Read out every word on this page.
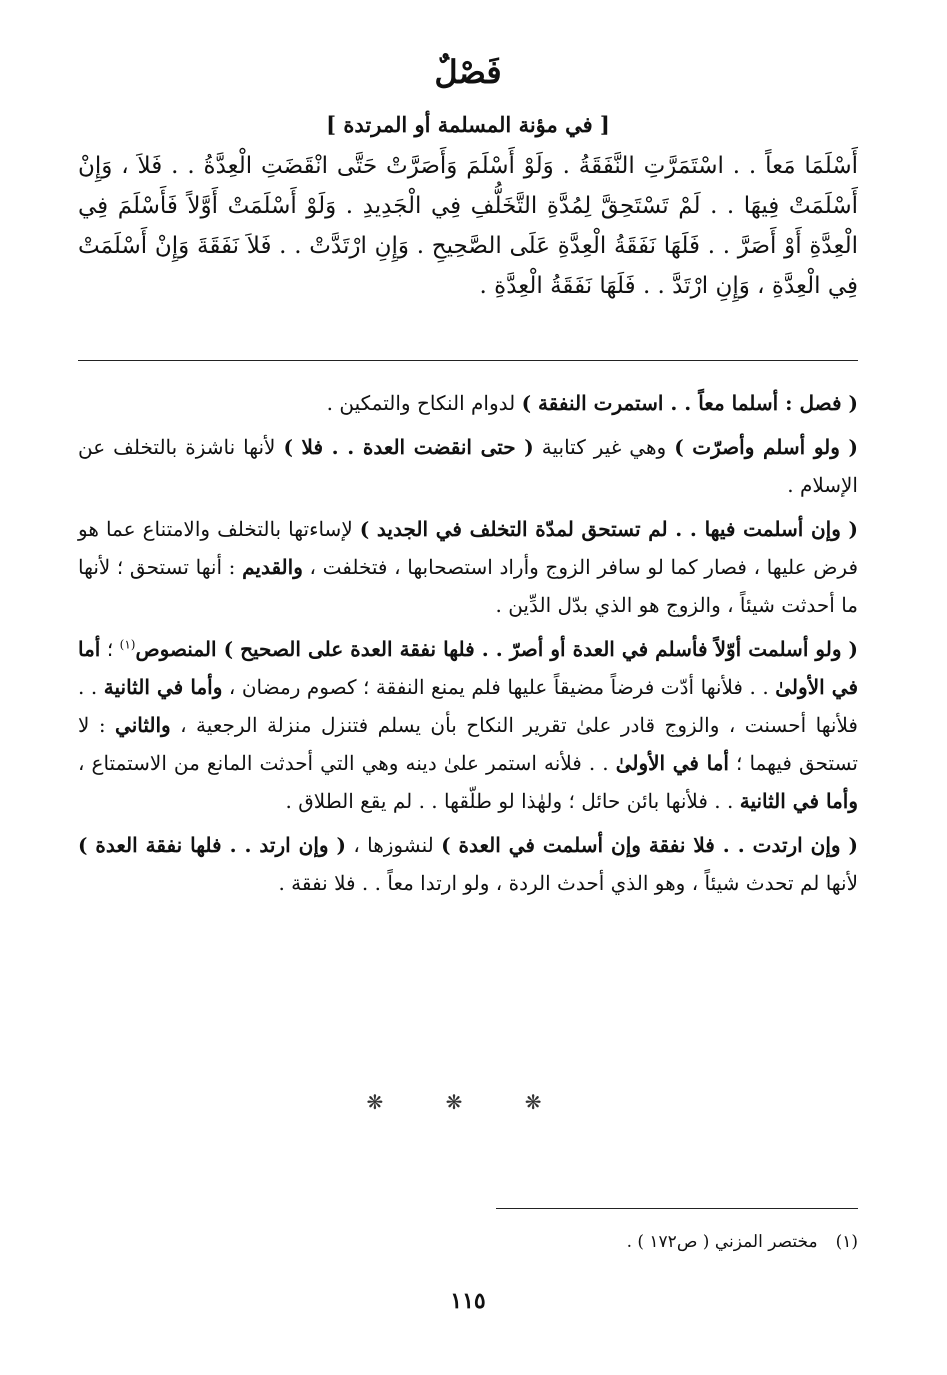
فَصْلٌ
[ في مؤنة المسلمة أو المرتدة ]

أَسْلَمَا مَعاً . . اسْتَمَرَّتِ النَّفَقَةُ . وَلَوْ أَسْلَمَ وَأَصَرَّتْ حَتَّى انْقَضَتِ الْعِدَّةُ . . فَلاَ ، وَإِنْ أَسْلَمَتْ فِيهَا . . لَمْ تَسْتَحِقَّ لِمُدَّةِ التَّخَلُّفِ فِي الْجَدِيدِ . وَلَوْ أَسْلَمَتْ أَوَّلاً فَأَسْلَمَ فِي الْعِدَّةِ أَوْ أَصَرَّ . . فَلَهَا نَفَقَةُ الْعِدَّةِ عَلَى الصَّحِيحِ . وَإِنِ ارْتَدَّتْ . . فَلاَ نَفَقَةَ وَإِنْ أَسْلَمَتْ فِي الْعِدَّةِ ، وَإِنِ ارْتَدَّ . . فَلَهَا نَفَقَةُ الْعِدَّةِ .

( فصل : أسلما معاً . . استمرت النفقة ) لدوام النكاح والتمكين .

( ولو أسلم وأصرّت ) وهي غير كتابية ( حتى انقضت العدة . . فلا ) لأنها ناشزة بالتخلف عن الإسلام .

( وإن أسلمت فيها . . لم تستحق لمدّة التخلف في الجديد ) لإساءتها بالتخلف والامتناع عما هو فرض عليها ، فصار كما لو سافر الزوج وأراد استصحابها ، فتخلفت ، والقديم : أنها تستحق ؛ لأنها ما أحدثت شيئاً ، والزوج هو الذي بدّل الدِّين .

( ولو أسلمت أوّلاً فأسلم في العدة أو أصرّ . . فلها نفقة العدة على الصحيح ) المنصوص$^{(١)}$ ؛ أما في الأولىٰ . . فلأنها أدّت فرضاً مضيقاً عليها فلم يمنع النفقة ؛ كصوم رمضان ، وأما في الثانية . . فلأنها أحسنت ، والزوج قادر علىٰ تقرير النكاح بأن يسلم فتنزل منزلة الرجعية ، والثاني : لا تستحق فيهما ؛ أما في الأولىٰ . . فلأنه استمر علىٰ دينه وهي التي أحدثت المانع من الاستمتاع ، وأما في الثانية . . فلأنها بائن حائل ؛ ولهٰذا لو طلّقها . . لم يقع الطلاق .

( وإن ارتدت . . فلا نفقة وإن أسلمت في العدة ) لنشوزها ، ( وإن ارتد . . فلها نفقة العدة ) لأنها لم تحدث شيئاً ، وهو الذي أحدث الردة ، ولو ارتدا معاً . . فلا نفقة .

❋ ❋ ❋
(١)مختصر المزني ( ص١٧٢ ) .
١١٥
